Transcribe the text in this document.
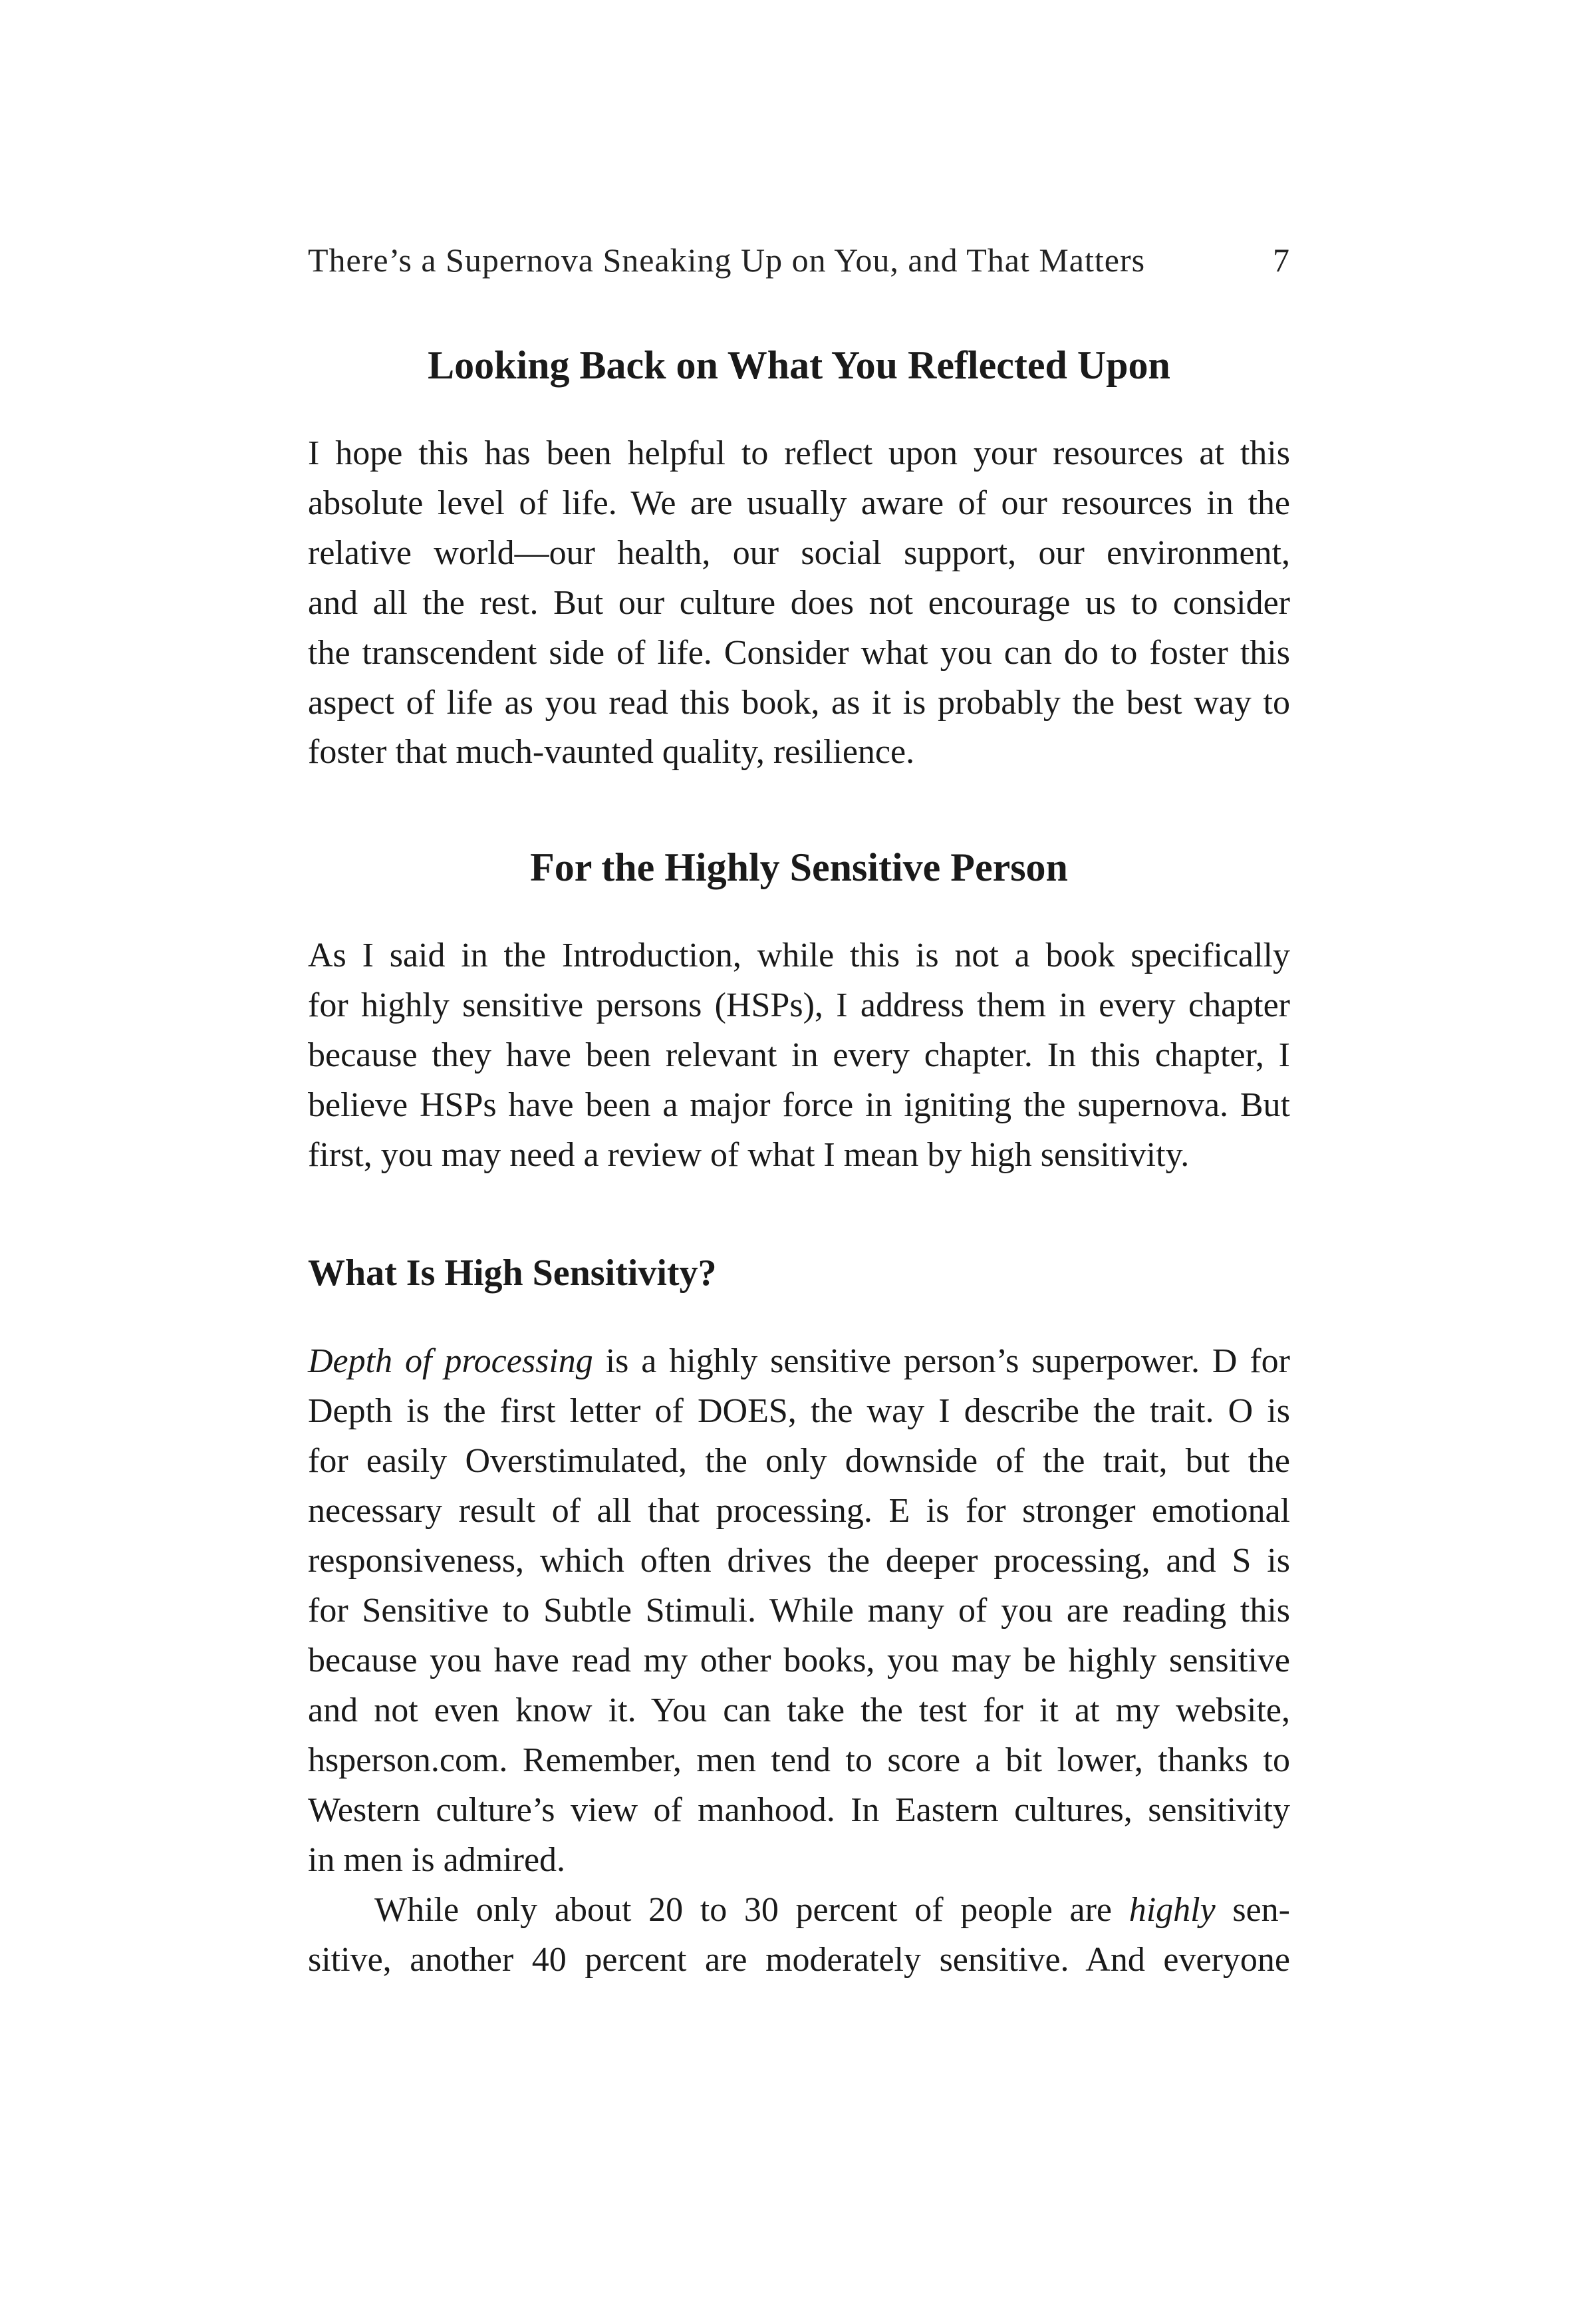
There’s a Supernova Sneaking Up on You, and That Matters	7
Looking Back on What You Reflected Upon
I hope this has been helpful to reflect upon your resources at this
absolute level of life. We are usually aware of our resources in the
relative world—our health, our social support, our environment,
and all the rest. But our culture does not encourage us to consider
the transcendent side of life. Consider what you can do to foster this
aspect of life as you read this book, as it is probably the best way to
foster that much-vaunted quality, resilience.
For the Highly Sensitive Person
As I said in the Introduction, while this is not a book specifically
for highly sensitive persons (HSPs), I address them in every chapter
because they have been relevant in every chapter. In this chapter, I
believe HSPs have been a major force in igniting the supernova. But
first, you may need a review of what I mean by high sensitivity.
What Is High Sensitivity?
Depth of processing is a highly sensitive person’s superpower. D for
Depth is the first letter of DOES, the way I describe the trait. O is
for easily Overstimulated, the only downside of the trait, but the
necessary result of all that processing. E is for stronger emotional
responsiveness, which often drives the deeper processing, and S is
for Sensitive to Subtle Stimuli. While many of you are reading this
because you have read my other books, you may be highly sensitive
and not even know it. You can take the test for it at my website,
hsperson.com. Remember, men tend to score a bit lower, thanks to
Western culture’s view of manhood. In Eastern cultures, sensitivity
in men is admired.
While only about 20 to 30 percent of people are highly sen-
sitive, another 40 percent are moderately sensitive. And everyone
